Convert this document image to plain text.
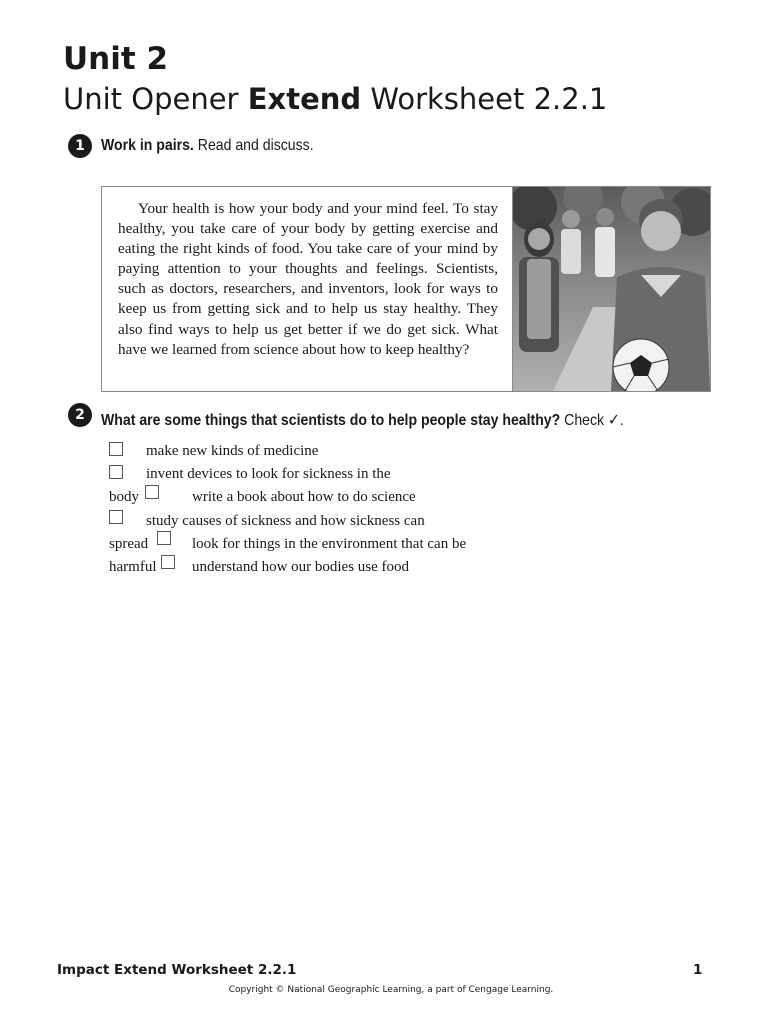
Unit 2
Unit Opener Extend Worksheet 2.2.1
1	Work in pairs. Read and discuss.

Your health is how your body and your mind feel. To stay healthy, you take care of your body by getting exercise and eating the right kinds of food. You take care of your mind by paying attention to your thoughts and feelings. Scientists, such as doctors, researchers, and inventors, look for ways to keep us from getting sick and to help us stay healthy. They also find ways to help us get better if we do get sick. What have we learned from science about how to keep healthy?

2	What are some things that scientists do to help people stay healthy? Check ✓.
make new kinds of medicine
invent devices to look for sickness in the
body	write a book about how to do science
study causes of sickness and how sickness can
spread	look for things in the environment that can be
harmful understand how our bodies use food
Impact Extend Worksheet 2.2.1	1
Copyright © National Geographic Learning, a part of Cengage Learning.
